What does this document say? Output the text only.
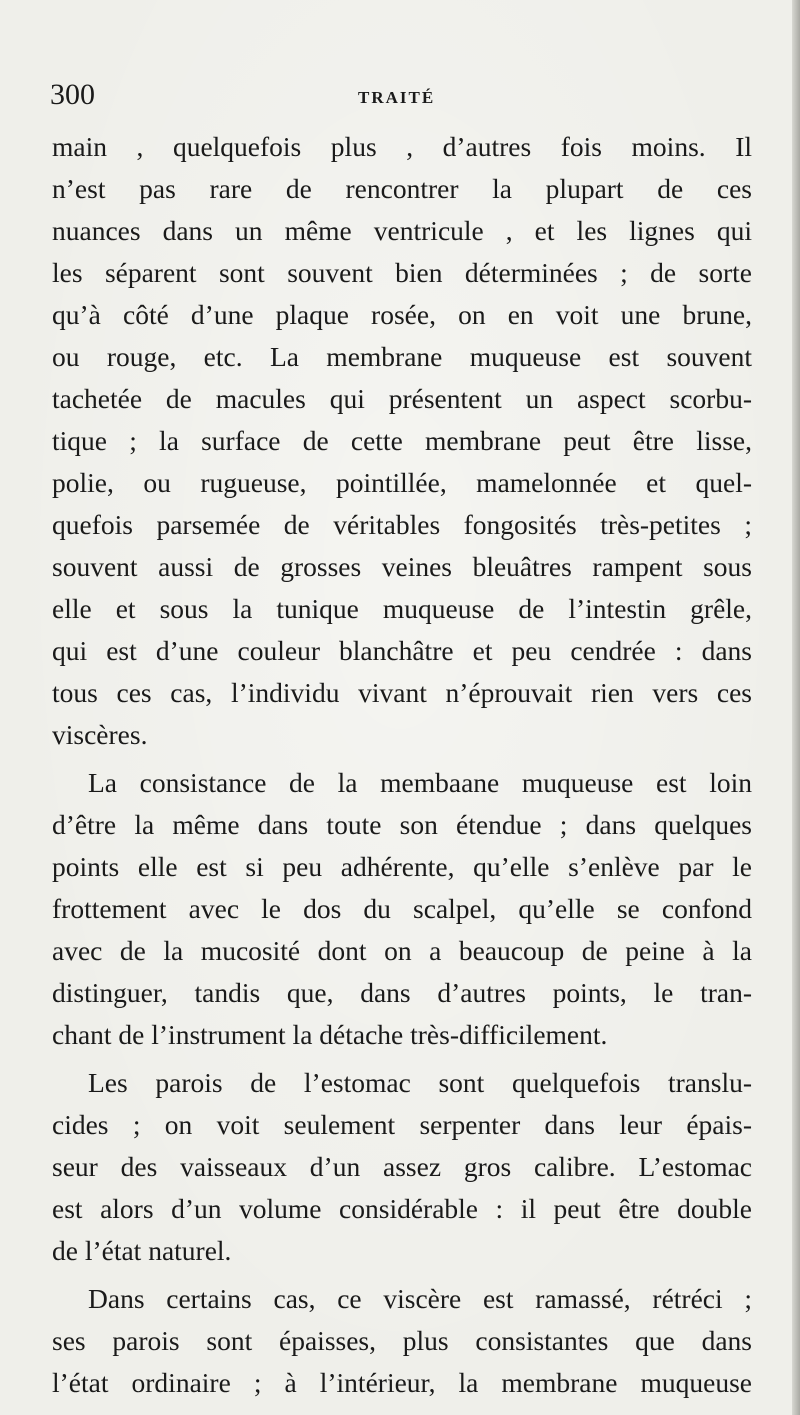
300	TRAITÉ
main , quelquefois plus , d’autres fois moins. Il
n’est pas rare de rencontrer la plupart de ces
nuances dans un même ventricule , et les lignes qui
les séparent sont souvent bien déterminées ; de sorte
qu’à côté d’une plaque rosée, on en voit une brune,
ou rouge, etc. La membrane muqueuse est souvent
tachetée de macules qui présentent un aspect scorbu-
tique ; la surface de cette membrane peut être lisse,
polie, ou rugueuse, pointillée, mamelonnée et quel-
quefois parsemée de véritables fongosités très-petites ;
souvent aussi de grosses veines bleuâtres rampent sous
elle et sous la tunique muqueuse de l’intestin grêle,
qui est d’une couleur blanchâtre et peu cendrée : dans
tous ces cas, l’individu vivant n’éprouvait rien vers ces
viscères.
La consistance de la membaane muqueuse est loin
d’être la même dans toute son étendue ; dans quelques
points elle est si peu adhérente, qu’elle s’enlève par le
frottement avec le dos du scalpel, qu’elle se confond
avec de la mucosité dont on a beaucoup de peine à la
distinguer, tandis que, dans d’autres points, le tran-
chant de l’instrument la détache très-difficilement.
Les parois de l’estomac sont quelquefois translu-
cides ; on voit seulement serpenter dans leur épais-
seur des vaisseaux d’un assez gros calibre. L’estomac
est alors d’un volume considérable : il peut être double
de l’état naturel.
Dans certains cas, ce viscère est ramassé, rétréci ;
ses parois sont épaisses, plus consistantes que dans
l’état ordinaire ; à l’intérieur, la membrane muqueuse
